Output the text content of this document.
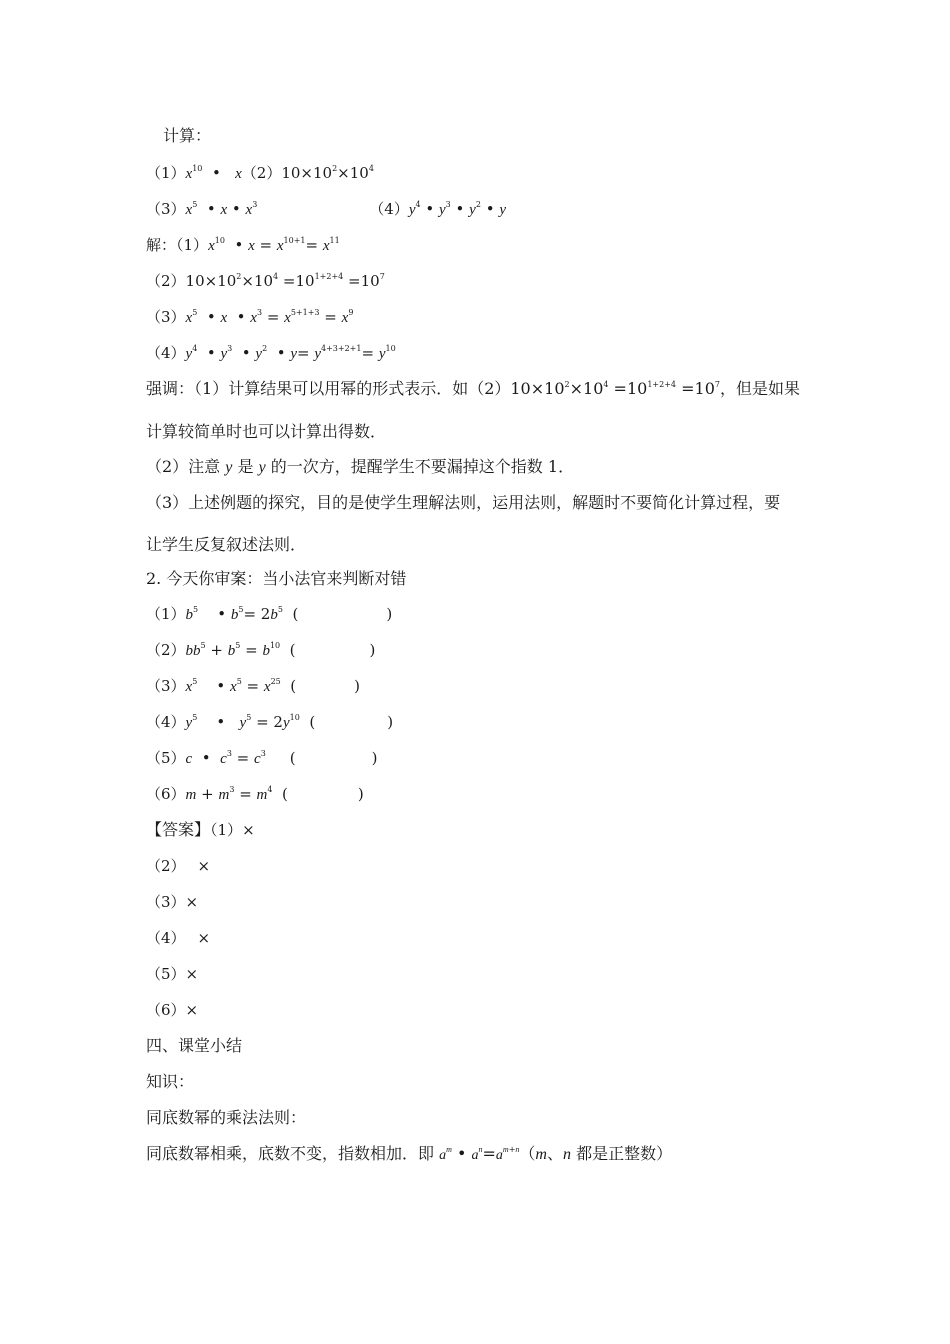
计算：

$(1)x^{10}$  •   $x(2)10\times 10^2\times 10^4$

$(3)x^5$  • x • $x^3$	$(4)y^4$ • $y^3$ • $y^2$ • y

解：$(1)x^{10}$  • $x = x^{10+1}= x^{11}$

$(2)10\times 10^2\times 10^4 =10^{1+2+4} =10^7$

$(3)x^5$  • x  • $x^3 = x^{5+1+3} = x^9$

$(4)y^4$  • $y^3$  • $y^2$  • $y= y^{4+3+2+1}= y^{10}$

强调：（1）计算结果可以用幂的形式表示．如$(2)10\times 10^2\times 10^4 =10^{1+2+4} =10^7$，但是如果

计算较简单时也可以计算出得数．

（2）注意 y 是 y 的一次方，提醒学生不要漏掉这个指数 1．

（3）上述例题的探究，目的是使学生理解法则，运用法则，解题时不要简化计算过程，要

让学生反复叙述法则．

2. 今天你审案：当小法官来判断对错

$(1)b^5$    • $b^5= 2b^5$  (	)

$(2)bb^5 + b^5 = b^{10}$  (	)

$(3)x^5$    • $x^5 = x^{25}$  (	)

$(4)y^5$    •   $y^5 = 2y^{10}$  (	)

（5）c  •  $c^3 = c^3$ (	)

$(6)m + m^3 = m^4$  (	)

【答案】（1）×

（2） ×

（3）×

（4） ×

（5）×

（6）×

四、课堂小结

知识：

同底数幂的乘法法则：

同底数幂相乘，底数不变，指数相加．即 $a^m$ • $a^n=a^{m+n}(m$、n 都是正整数）
